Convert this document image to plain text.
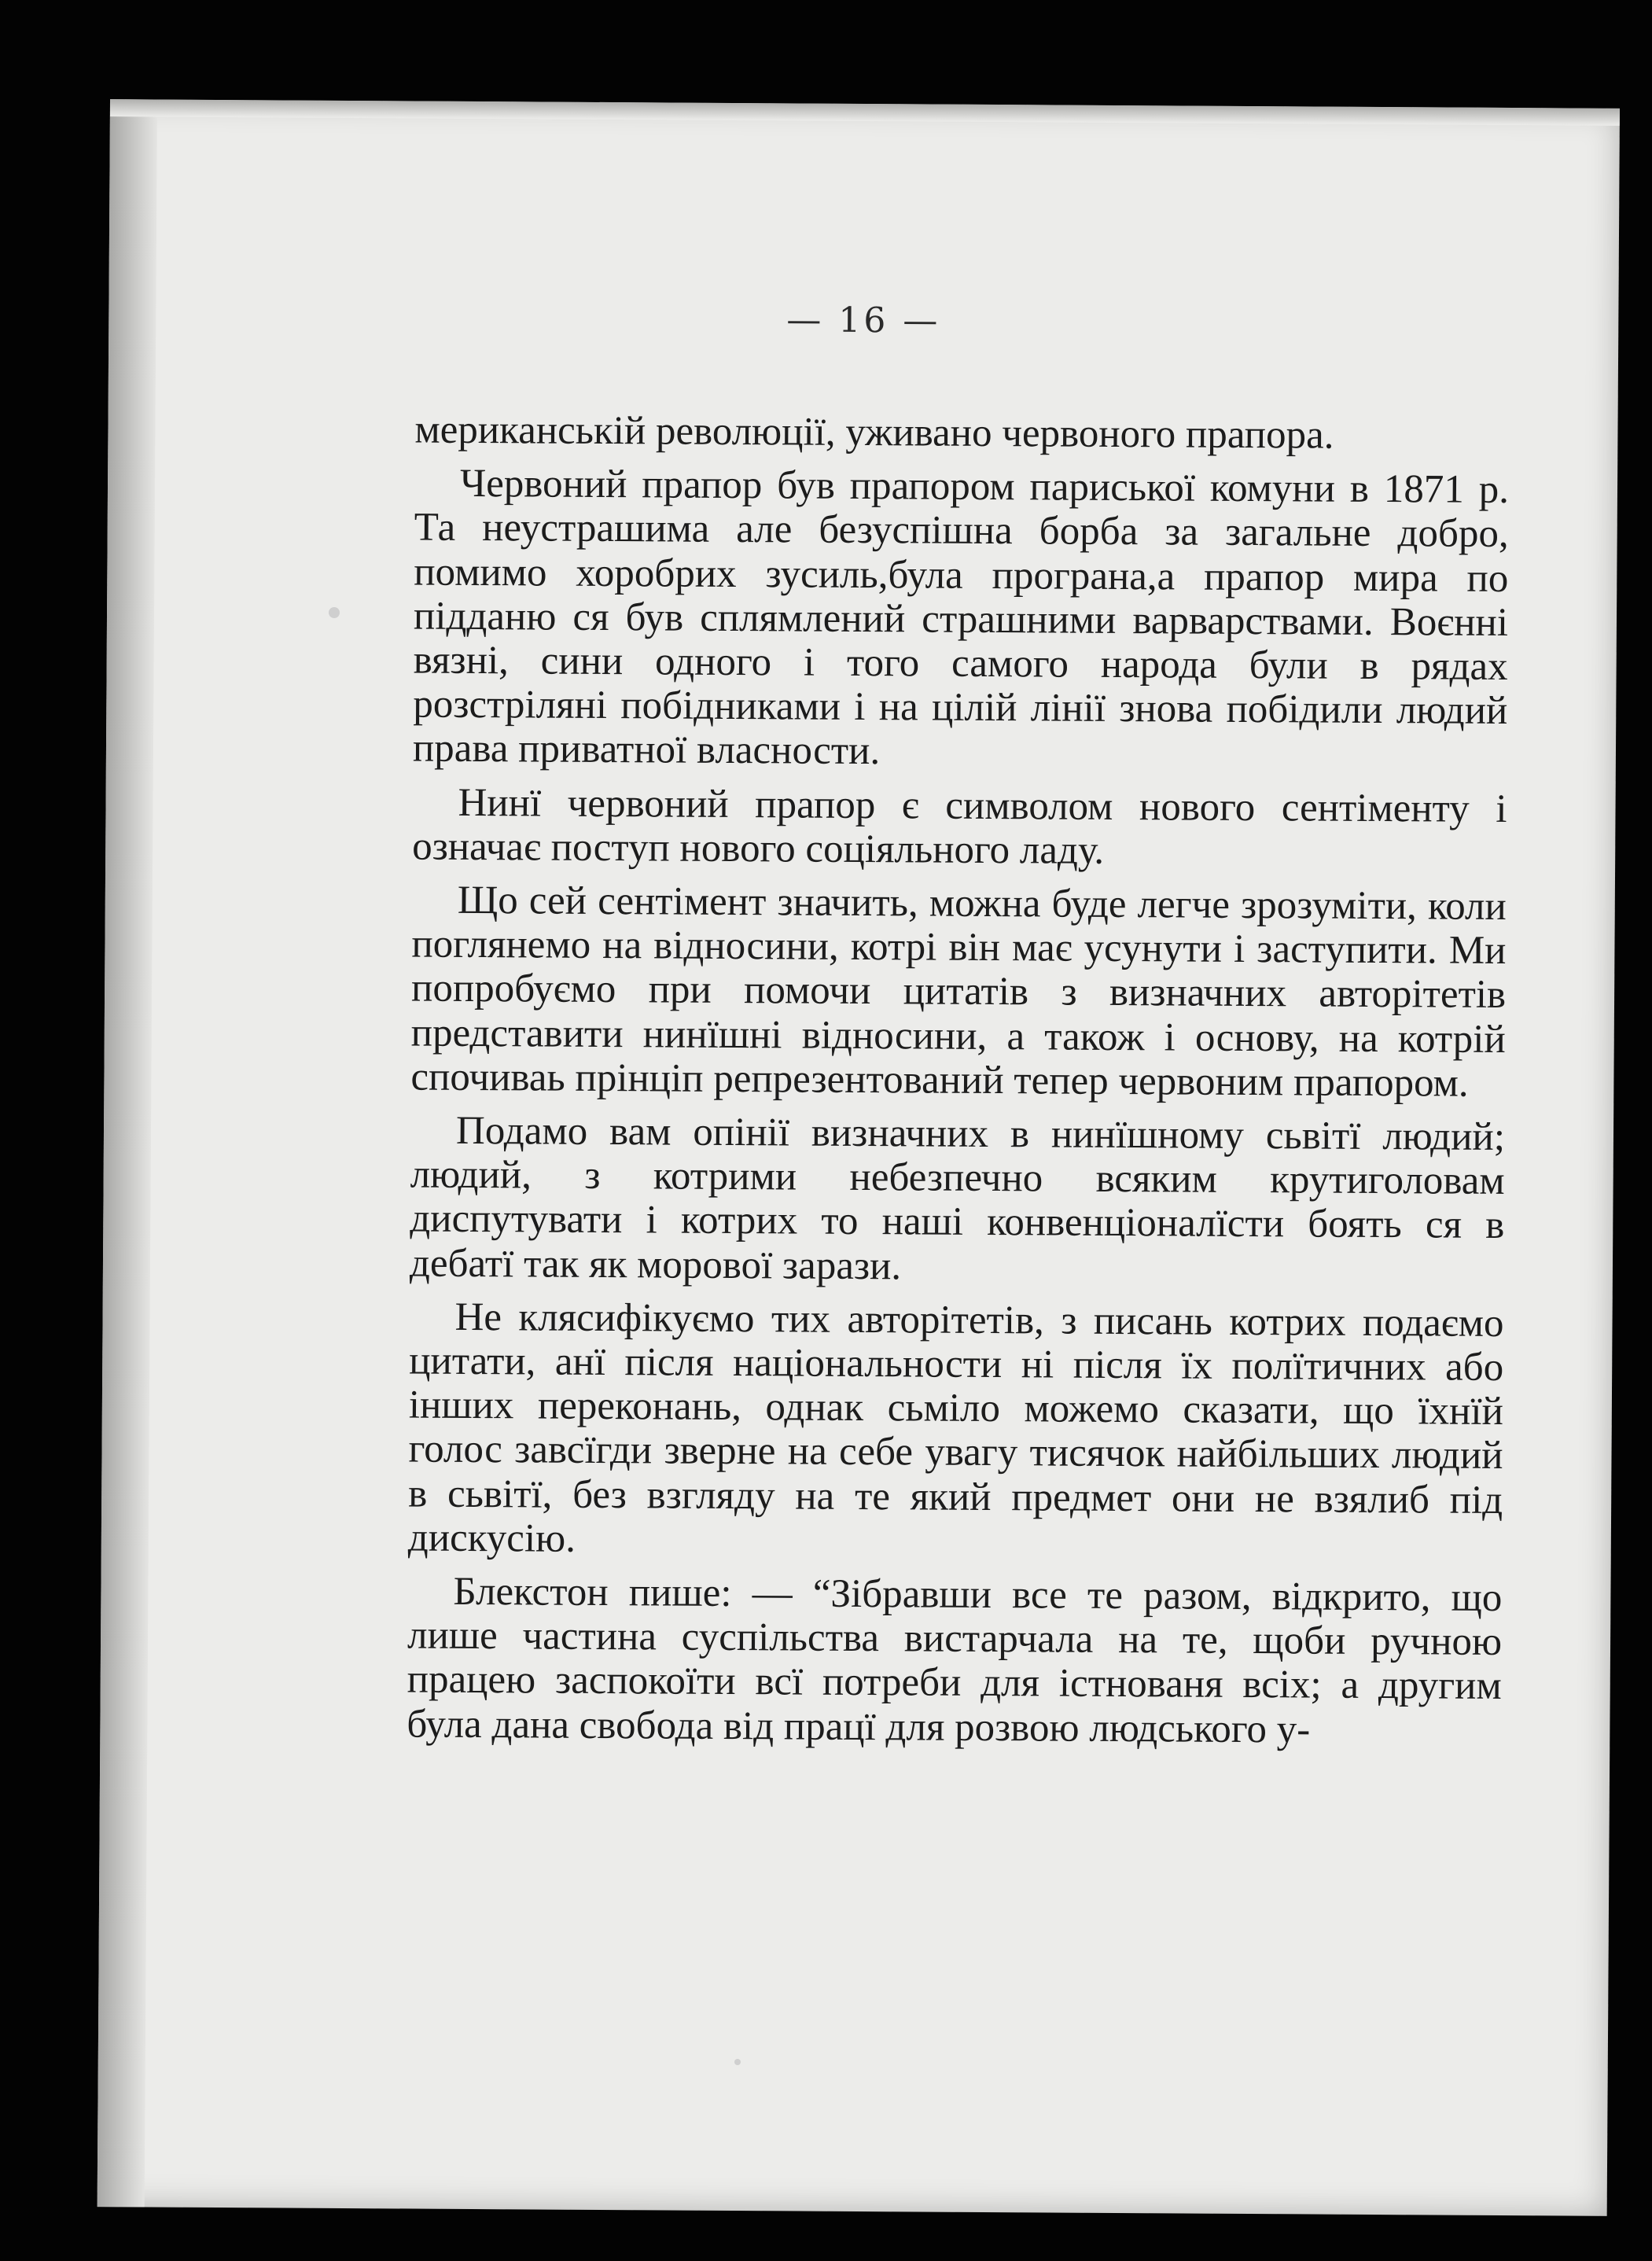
— 16 —

мериканськiй революцiї, уживано червоного прапора.

Червоний прапор був прапором париської комуни в 1871 р. Та неустрашима але безуспiшна борба за загальне добро, помимо хоробрих зусиль,була програна,а прапор мира по пiдданю ся був сплямлений страшними варварствами. Воєннi вязнi, сини одного i того самого народа були в рядах розстрiлянi побiдниками i на цiлiй лiнiї знова побiдили людий права приватної власности.

Нинї червоний прапор є символом нового сентiменту i означає поступ нового соцiяльного ладу.

Що сей сентiмент значить, можна буде легче зрозумiти, коли поглянемо на вiдносини, котрi вiн має усунути i заступити. Ми попробуємо при помочи цитатiв з визначних авторiтетiв представити нинїшнi вiдносини, а також i основу, на котрiй спочиваь прiнцiп репрезентований тепер червоним прапором.

Подамо вам опiнiї визначних в нинїшному сьвiтї людий; людий, з котрими небезпечно всяким крутиголовам диспутувати i котрих то нашi конвенцiоналїсти боять ся в дебатї так як морової зарази.

Не клясифiкуємо тих авторiтетiв, з писань котрих подаємо цитати, анї пiсля нацiональности нi пiсля їх полїтичних або iнших переконань, однак сьмiло можемо сказати, що їхнїй голос завсїгди зверне на себе увагу тисячок найбiльших людий в сьвiтї, без взгляду на те який предмет они не взялиб пiд дискусiю.

Блекстон пише: — “Зiбравши все те разом, вiдкрито, що лише частина суспiльства вистарчала на те, щоби ручною працею заспокоїти всї потреби для iстнованя всiх; а другим була дана свобода вiд працї для розвою людського у-
